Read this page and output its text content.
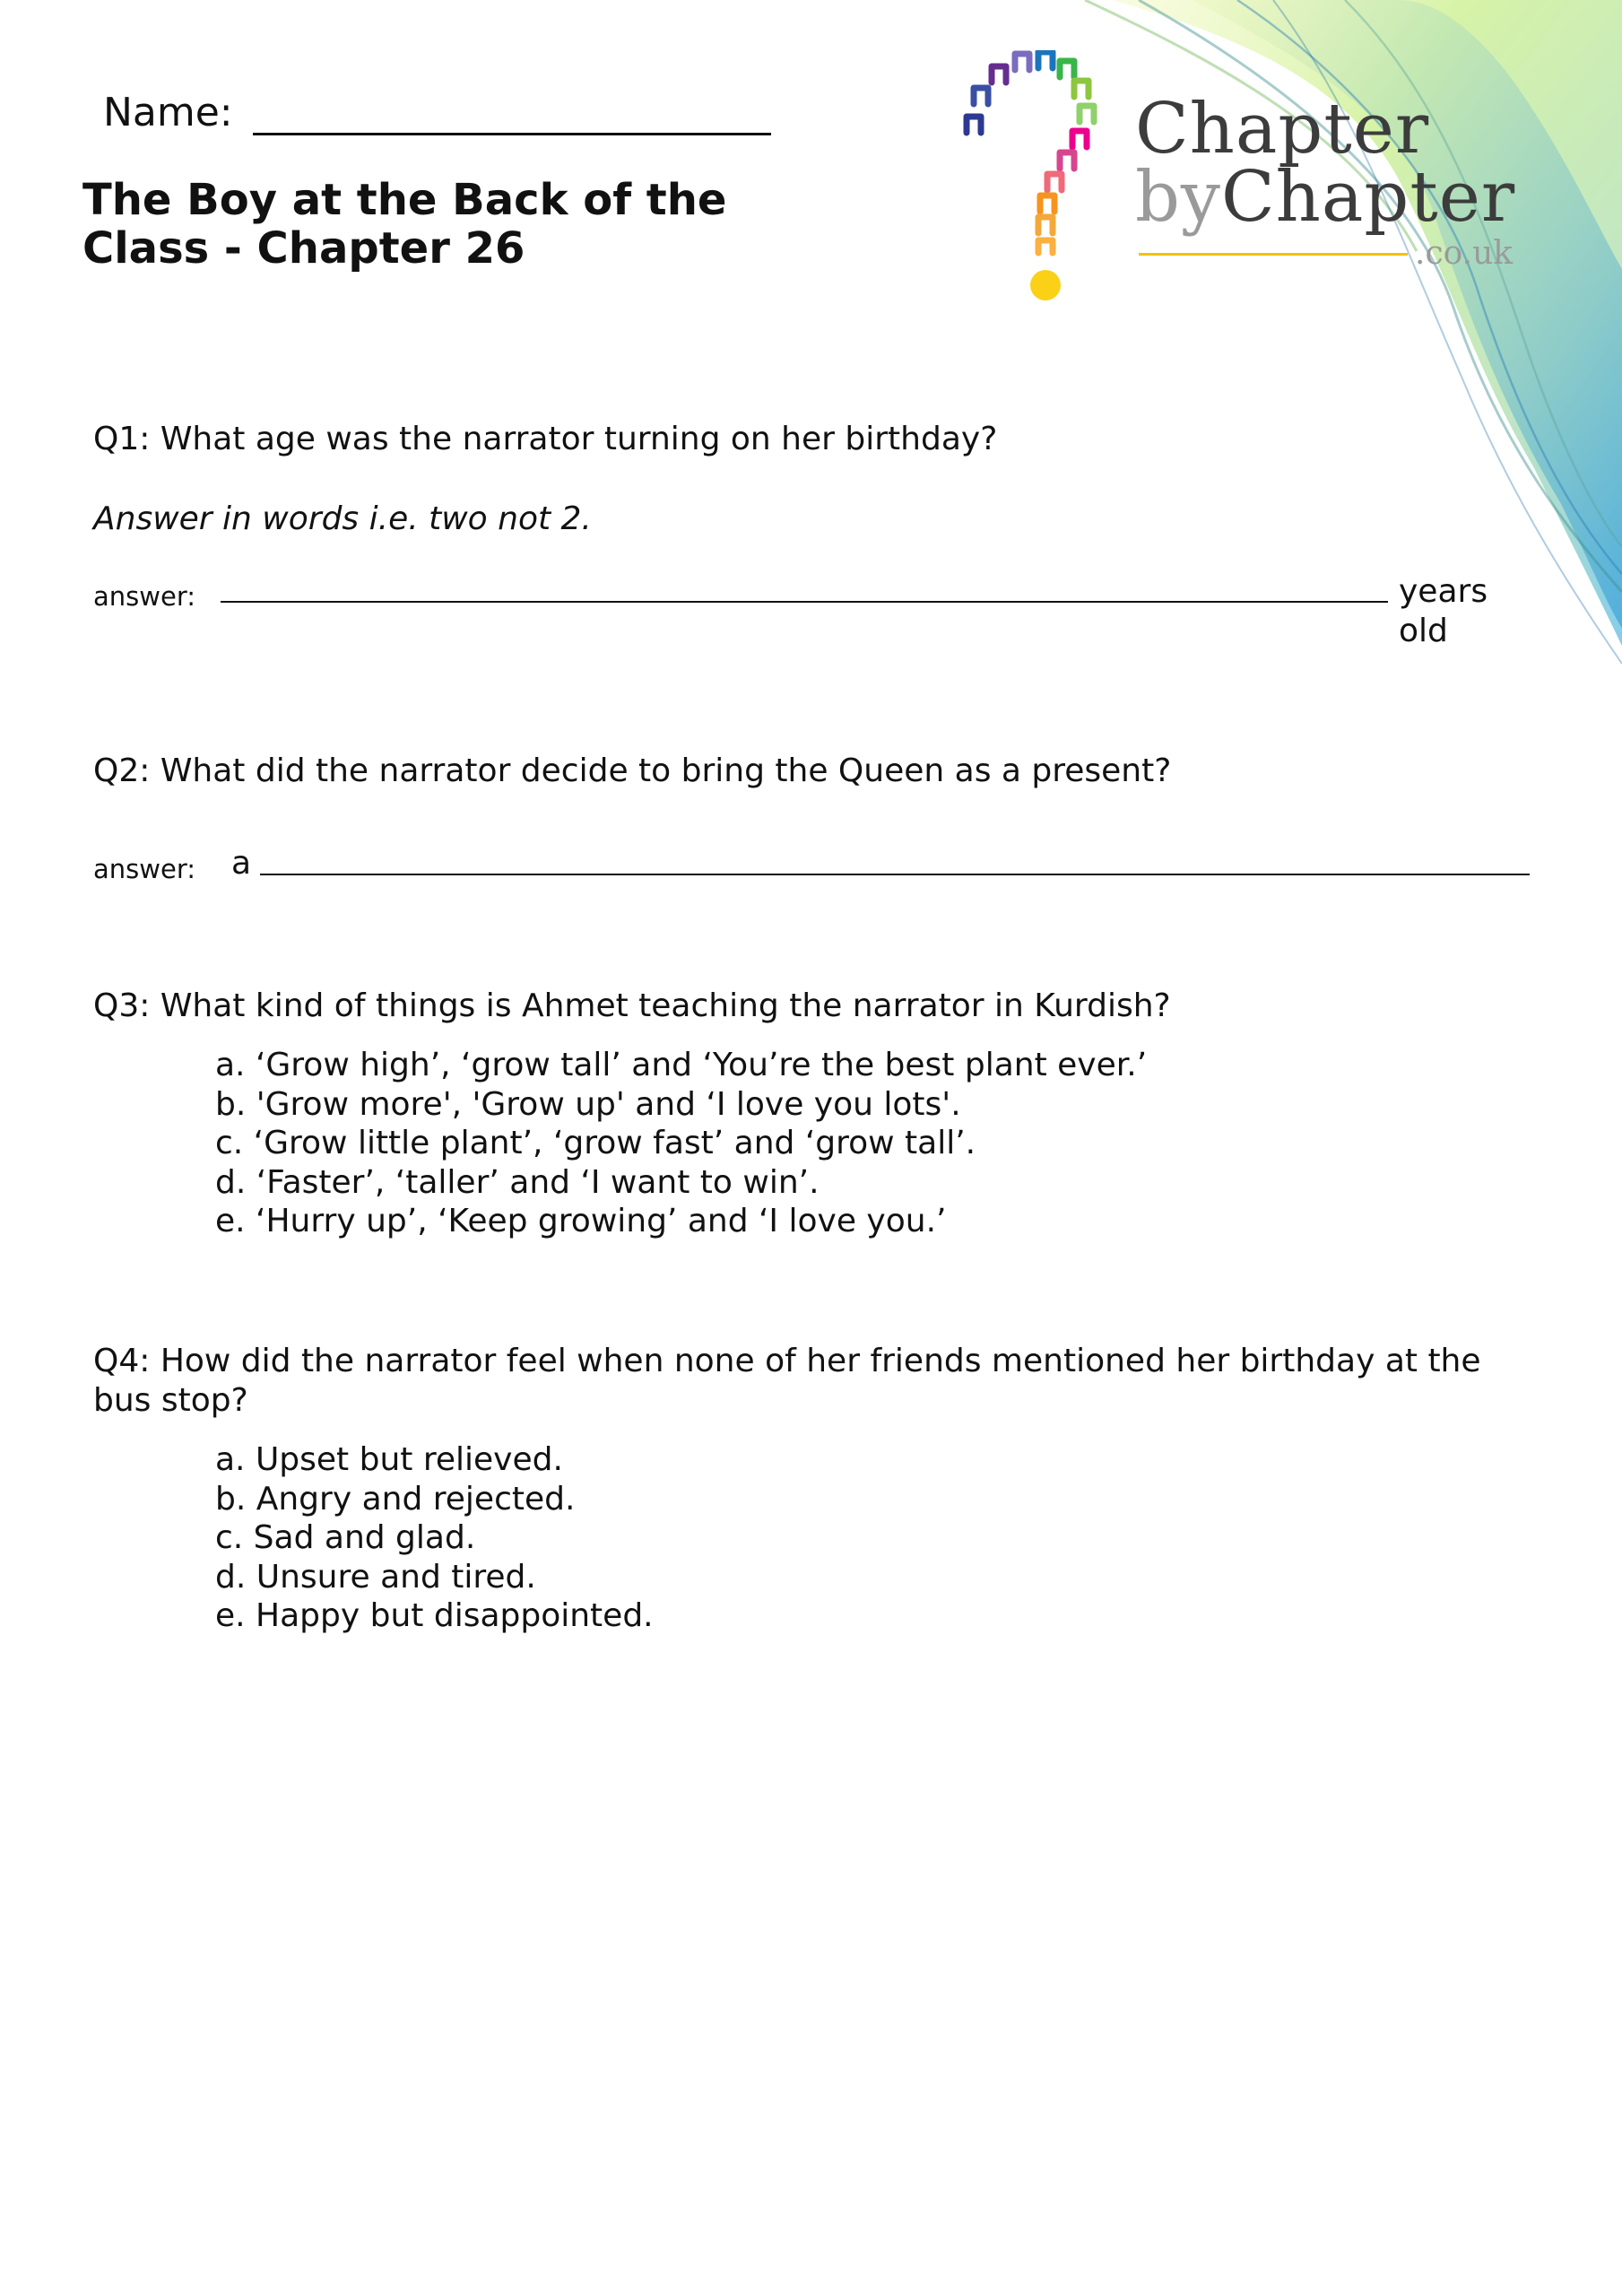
Name:
The Boy at the Back of the Class - Chapter 26
Chapter
byChapter
.co.uk
Q1: What age was the narrator turning on her birthday?
Answer in words i.e. two not 2.
answer:	years
old
Q2: What did the narrator decide to bring the Queen as a present?
answer: a
Q3: What kind of things is Ahmet teaching the narrator in Kurdish?
a. ‘Grow high’, ‘grow tall’ and ‘You’re the best plant ever.’
b. 'Grow more', 'Grow up' and ‘I love you lots'.
c. ‘Grow little plant’, ‘grow fast’ and ‘grow tall’.
d. ‘Faster’, ‘taller’ and ‘I want to win’.
e. ‘Hurry up’, ‘Keep growing’ and ‘I love you.’
Q4: How did the narrator feel when none of her friends mentioned her birthday at the bus stop?
a. Upset but relieved.
b. Angry and rejected.
c. Sad and glad.
d. Unsure and tired.
e. Happy but disappointed.
